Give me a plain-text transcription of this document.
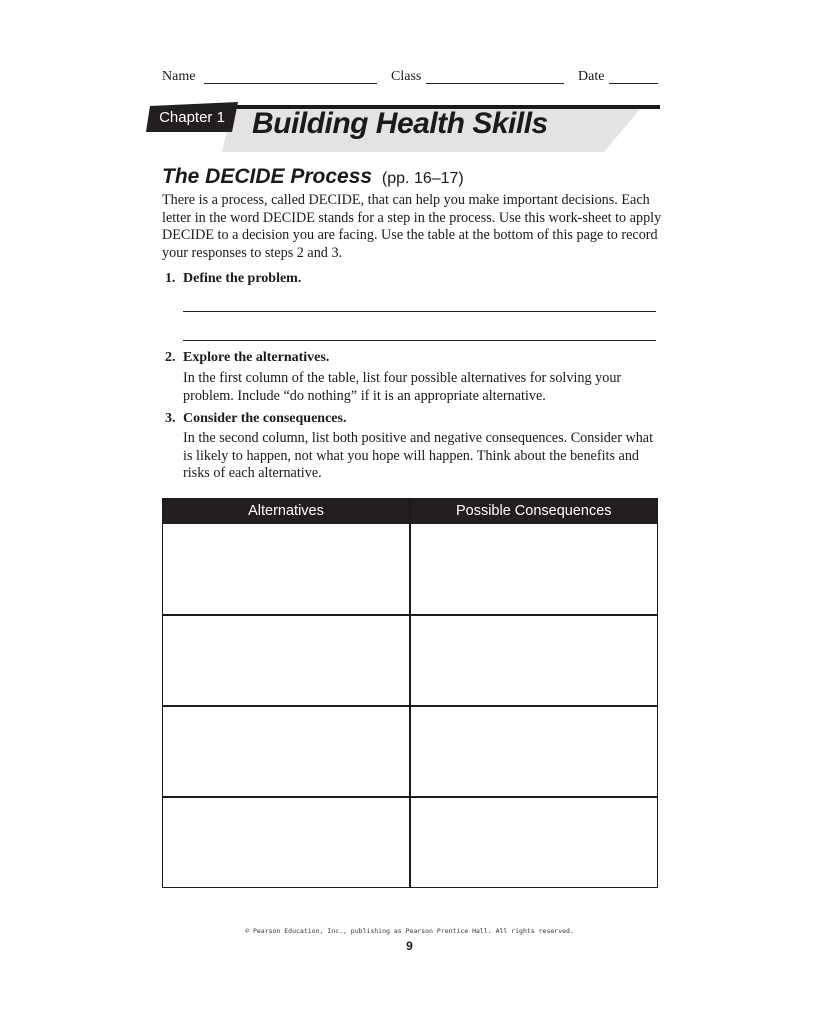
Name	Class	Date
Chapter 1 Building Health Skills
The DECIDE Process (pp. 16–17)
There is a process, called DECIDE, that can help you make important decisions. Each letter in the word DECIDE stands for a step in the process. Use this work-sheet to apply DECIDE to a decision you are facing. Use the table at the bottom of this page to record your responses to steps 2 and 3.
1. Define the problem.
2. Explore the alternatives.
In the first column of the table, list four possible alternatives for solving your problem. Include “do nothing” if it is an appropriate alternative.
3. Consider the consequences.
In the second column, list both positive and negative consequences. Consider what is likely to happen, not what you hope will happen. Think about the benefits and risks of each alternative.
Alternatives	Possible Consequences
© Pearson Education, Inc., publishing as Pearson Prentice Hall. All rights reserved.
9
